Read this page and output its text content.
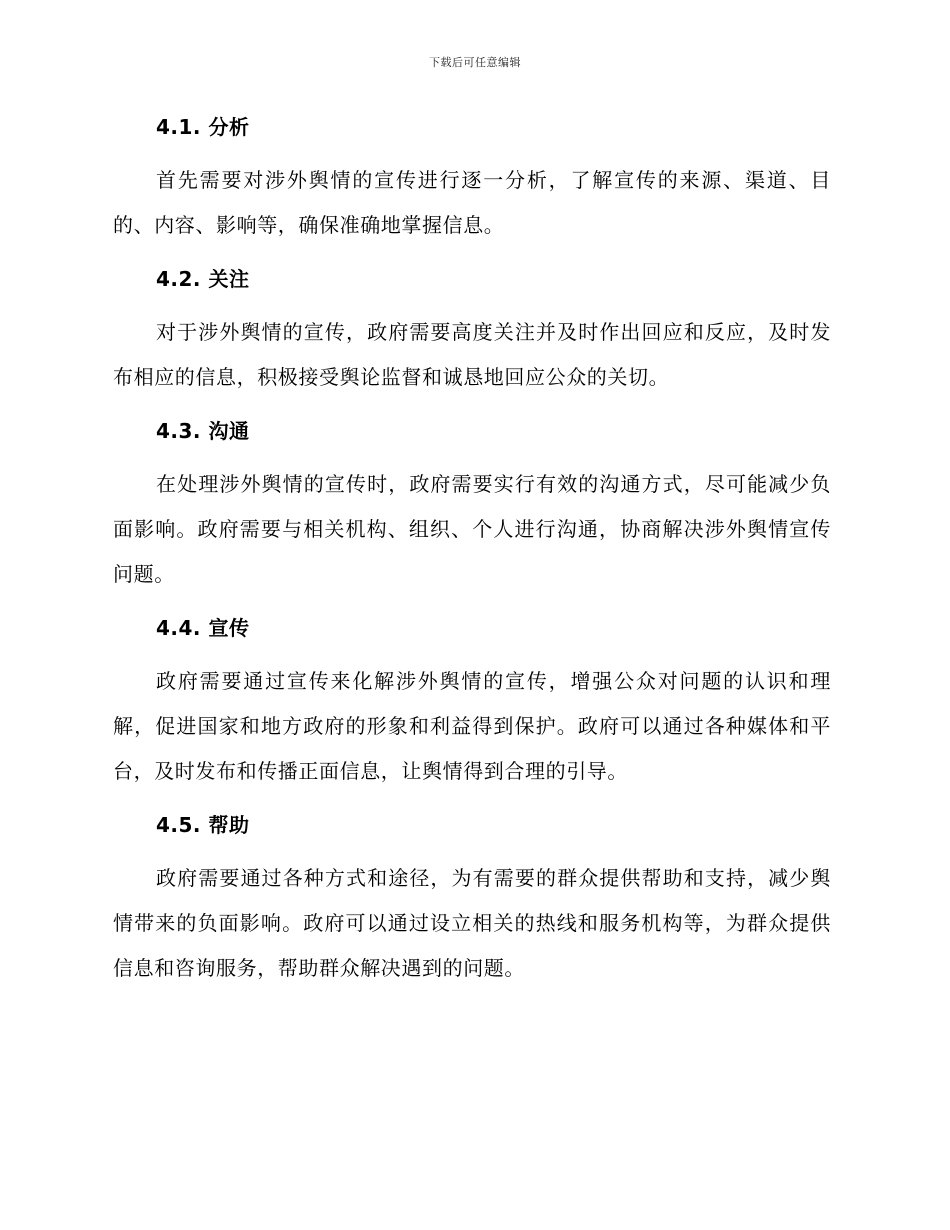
下载后可任意编辑
4.1. 分析

首先需要对涉外舆情的宣传进行逐一分析，了解宣传的来源、渠道、目的、内容、影响等，确保准确地掌握信息。

4.2. 关注

对于涉外舆情的宣传，政府需要高度关注并及时作出回应和反应，及时发布相应的信息，积极接受舆论监督和诚恳地回应公众的关切。

4.3. 沟通

在处理涉外舆情的宣传时，政府需要实行有效的沟通方式，尽可能减少负面影响。政府需要与相关机构、组织、个人进行沟通，协商解决涉外舆情宣传问题。

4.4. 宣传

政府需要通过宣传来化解涉外舆情的宣传，增强公众对问题的认识和理解，促进国家和地方政府的形象和利益得到保护。政府可以通过各种媒体和平台，及时发布和传播正面信息，让舆情得到合理的引导。

4.5. 帮助

政府需要通过各种方式和途径，为有需要的群众提供帮助和支持，减少舆情带来的负面影响。政府可以通过设立相关的热线和服务机构等，为群众提供信息和咨询服务，帮助群众解决遇到的问题。
